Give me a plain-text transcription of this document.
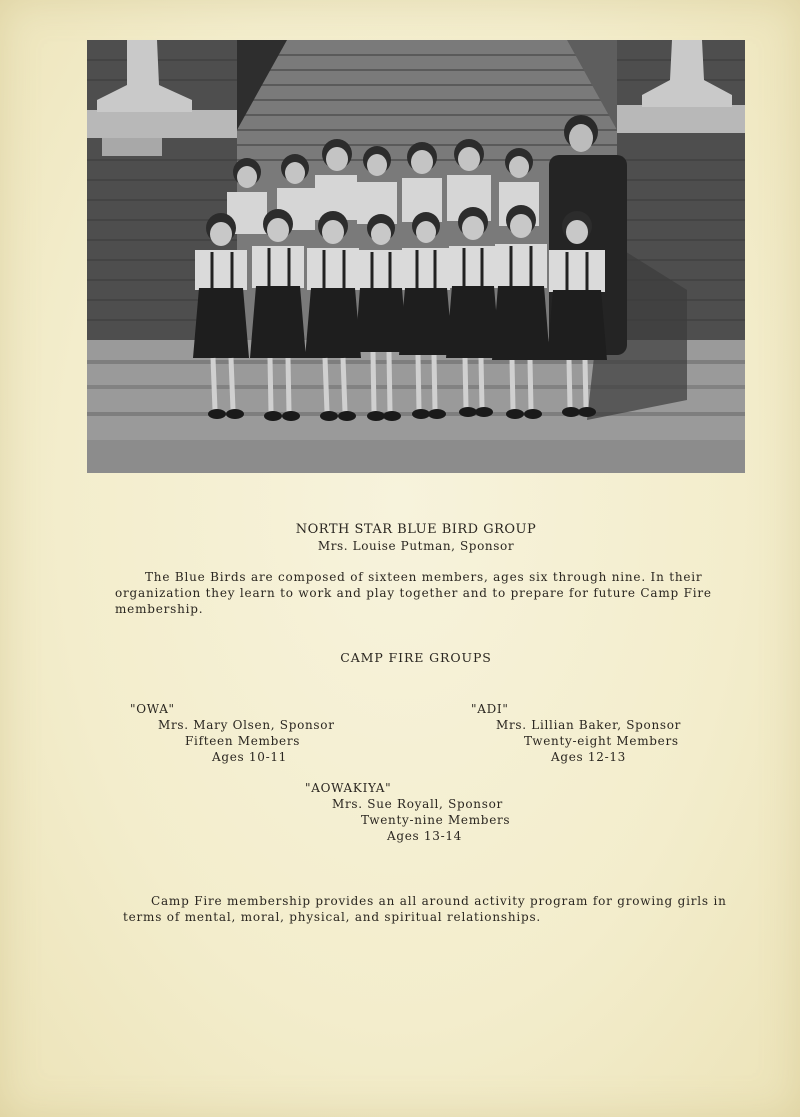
NORTH STAR BLUE BIRD GROUP
Mrs. Louise Putman, Sponsor
The Blue Birds are composed of sixteen members, ages six through nine. In their organization they learn to work and play together and to prepare for future Camp Fire membership.
CAMP FIRE GROUPS
"OWA"
Mrs. Mary Olsen, Sponsor
Fifteen Members
Ages 10-11
"ADI"
Mrs. Lillian Baker, Sponsor
Twenty-eight Members
Ages 12-13
"AOWAKIYA"
Mrs. Sue Royall, Sponsor
Twenty-nine Members
Ages 13-14
Camp Fire membership provides an all around activity program for growing girls in terms of mental, moral, physical, and spiritual relationships.
